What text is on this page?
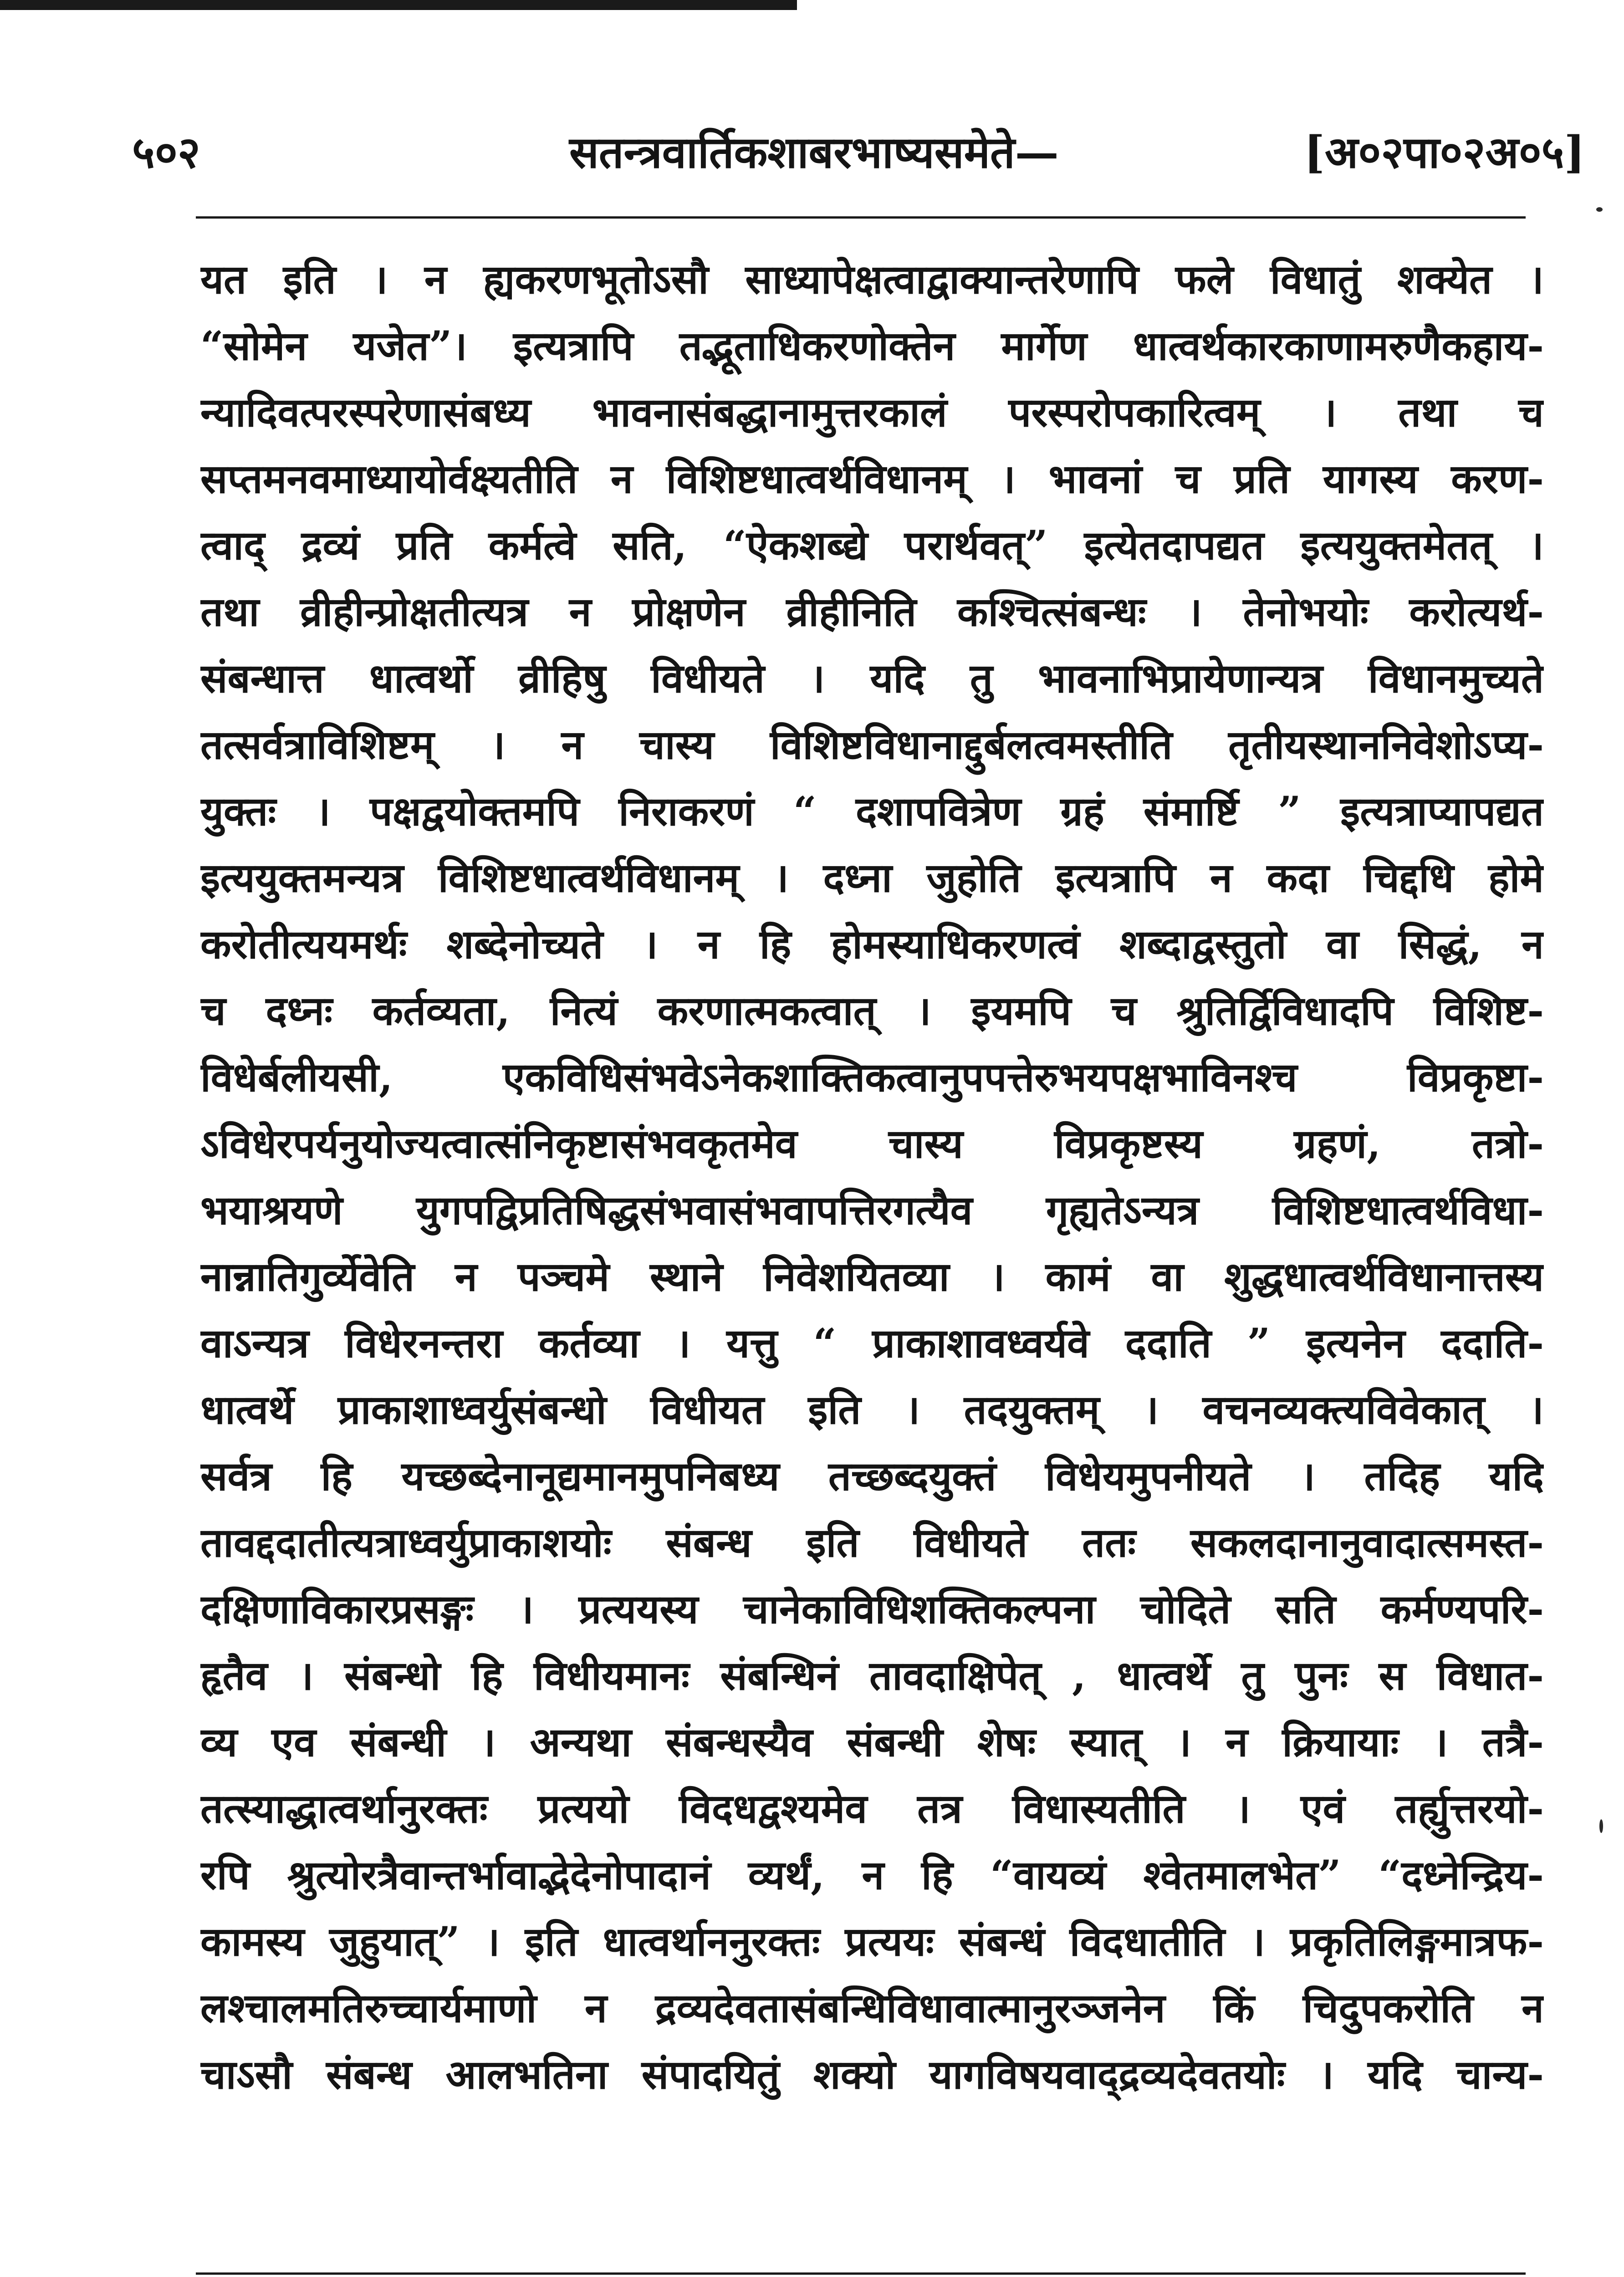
५०२	सतन्त्रवार्तिकशाबरभाष्यसमेते—	[अ०२पा०२अ०५]
यत इति । न ह्यकरणभूतोऽसौ साध्यापेक्षत्वाद्वाक्यान्तरेणापि फले विधातुं शक्येत ।
“सोमेन यजेत”। इत्यत्रापि तद्भूताधिकरणोक्तेन मार्गेण धात्वर्थकारकाणामरुणैकहाय-
न्यादिवत्परस्परेणासंबध्य भावनासंबद्धानामुत्तरकालं परस्परोपकारित्वम् । तथा च
सप्तमनवमाध्यायोर्वक्ष्यतीति न विशिष्टधात्वर्थविधानम् । भावनां च प्रति यागस्य करण-
त्वाद् द्रव्यं प्रति कर्मत्वे सति, “ऐकशब्द्ये परार्थवत्” इत्येतदापद्यत इत्ययुक्तमेतत् ।
तथा व्रीहीन्प्रोक्षतीत्यत्र न प्रोक्षणेन व्रीहीनिति कश्चित्संबन्धः । तेनोभयोः करोत्यर्थ-
संबन्धात्त धात्वर्थो व्रीहिषु विधीयते । यदि तु भावनाभिप्रायेणान्यत्र विधानमुच्यते
तत्सर्वत्राविशिष्टम् । न चास्य विशिष्टविधानाद्दुर्बलत्वमस्तीति तृतीयस्थाननिवेशोऽप्य-
युक्तः । पक्षद्वयोक्तमपि निराकरणं “ दशापवित्रेण ग्रहं संमार्ष्टि ” इत्यत्राप्यापद्यत
इत्ययुक्तमन्यत्र विशिष्टधात्वर्थविधानम् । दध्ना जुहोति इत्यत्रापि न कदा चिद्दधि होमे
करोतीत्ययमर्थः शब्देनोच्यते । न हि होमस्याधिकरणत्वं शब्दाद्वस्तुतो वा सिद्धं, न
च दध्नः कर्तव्यता, नित्यं करणात्मकत्वात् । इयमपि च श्रुतिर्द्विविधादपि विशिष्ट-
विधेर्बलीयसी, एकविधिसंभवेऽनेकशाक्तिकत्वानुपपत्तेरुभयपक्षभाविनश्च विप्रकृष्टा-
ऽविधेरपर्यनुयोज्यत्वात्संनिकृष्टासंभवकृतमेव चास्य विप्रकृष्टस्य ग्रहणं, तत्रो-
भयाश्रयणे युगपद्विप्रतिषिद्धसंभवासंभवापत्तिरगत्यैव गृह्यतेऽन्यत्र विशिष्टधात्वर्थविधा-
नान्नातिगुर्व्येवेति न पञ्चमे स्थाने निवेशयितव्या । कामं वा शुद्धधात्वर्थविधानात्तस्य
वाऽन्यत्र विधेरनन्तरा कर्तव्या । यत्तु “ प्राकाशावध्वर्यवे ददाति ” इत्यनेन ददाति-
धात्वर्थे प्राकाशाध्वर्युसंबन्धो विधीयत इति । तदयुक्तम् । वचनव्यक्त्यविवेकात् ।
सर्वत्र हि यच्छब्देनानूद्यमानमुपनिबध्य तच्छब्दयुक्तं विधेयमुपनीयते । तदिह यदि
तावद्ददातीत्यत्राध्वर्युप्राकाशयोः संबन्ध इति विधीयते ततः सकलदानानुवादात्समस्त-
दक्षिणाविकारप्रसङ्गः । प्रत्ययस्य चानेकाविधिशक्तिकल्पना चोदिते सति कर्मण्यपरि-
हृतैव । संबन्धो हि विधीयमानः संबन्धिनं तावदाक्षिपेत् , धात्वर्थे तु पुनः स विधात-
व्य एव संबन्धी । अन्यथा संबन्धस्यैव संबन्धी शेषः स्यात् । न क्रियायाः । तत्रै-
तत्स्याद्धात्वर्थानुरक्तः प्रत्ययो विदधद्वश्यमेव तत्र विधास्यतीति । एवं तर्ह्युत्तरयो-
रपि श्रुत्योरत्रैवान्तर्भावाद्भेदेनोपादानं व्यर्थं, न हि “वायव्यं श्वेतमालभेत” “दध्नेन्द्रिय-
कामस्य जुहुयात्” । इति धात्वर्थाननुरक्तः प्रत्ययः संबन्धं विदधातीति । प्रकृतिलिङ्गमात्रफ-
लश्चालमतिरुच्चार्यमाणो न द्रव्यदेवतासंबन्धिविधावात्मानुरञ्जनेन किं चिदुपकरोति न
चाऽसौ संबन्ध आलभतिना संपादयितुं शक्यो यागविषयवाद्द्रव्यदेवतयोः । यदि चान्य-
